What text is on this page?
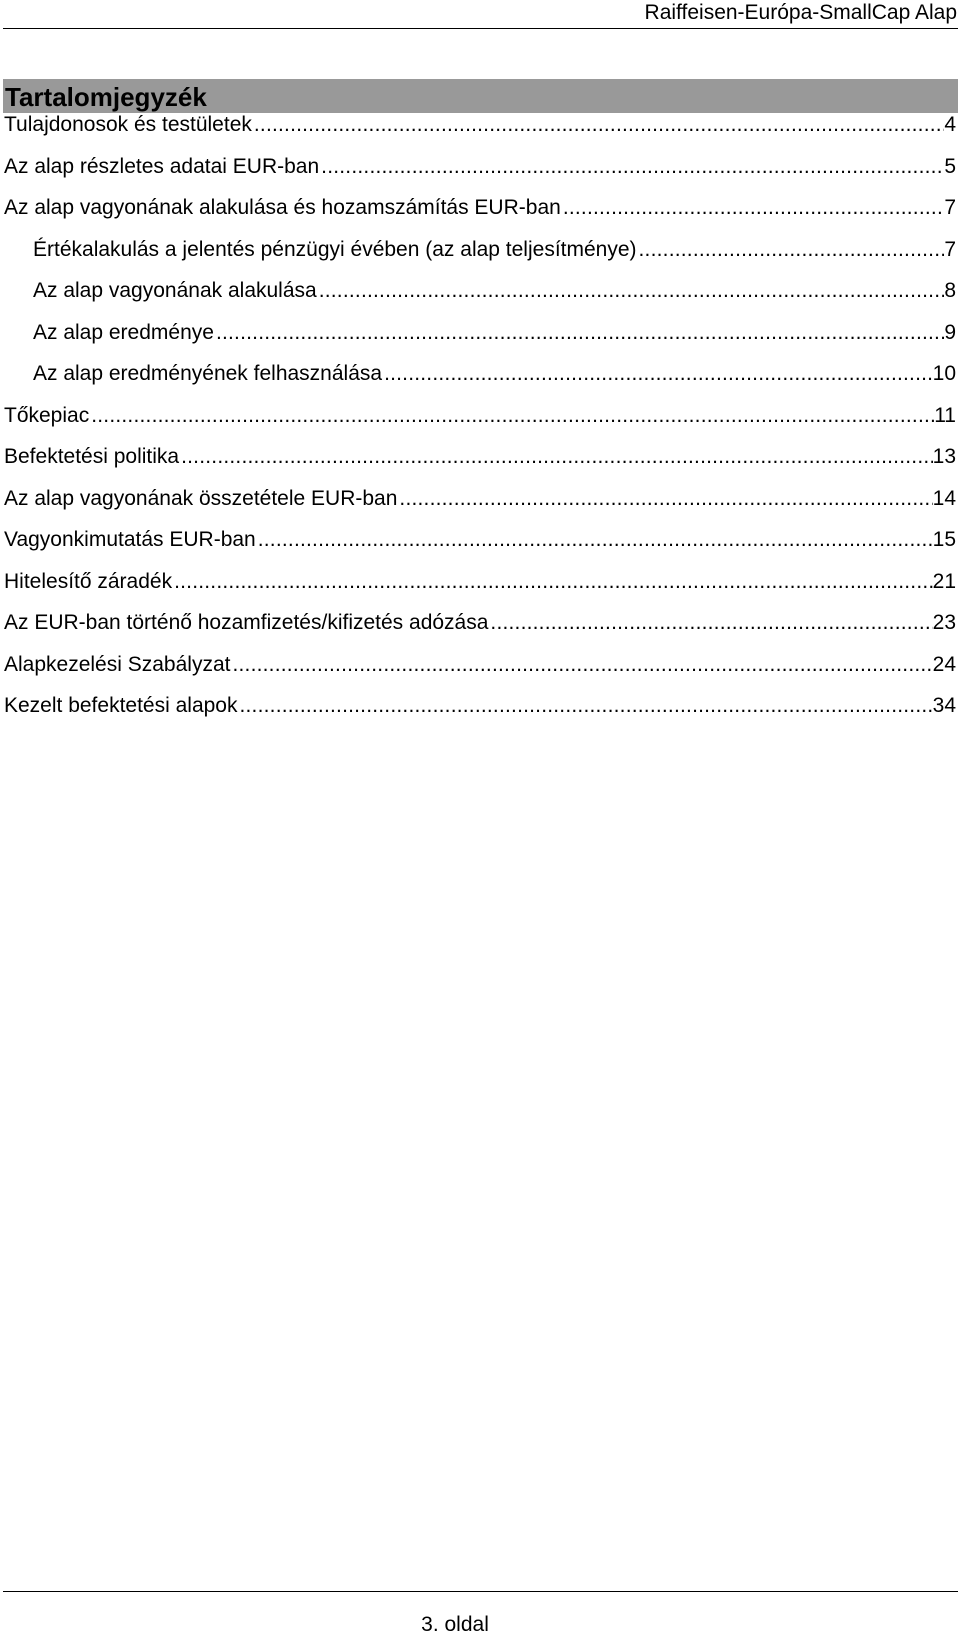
Raiffeisen-Európa-SmallCap Alap
Tartalomjegyzék
Tulajdonosok és testületek .....	4
Az alap részletes adatai EUR-ban .....	5
Az alap vagyonának alakulása és hozamszámítás EUR-ban .....	7
Értékalakulás a jelentés pénzügyi évében (az alap teljesítménye) .....	7
Az alap vagyonának alakulása .....	8
Az alap eredménye .....	9
Az alap eredményének felhasználása .....	10
Tőkepiac .....	11
Befektetési politika .....	13
Az alap vagyonának összetétele EUR-ban .....	14
Vagyonkimutatás EUR-ban .....	15
Hitelesítő záradék .....	21
Az EUR-ban történő hozamfizetés/kifizetés adózása .....	23
Alapkezelési Szabályzat .....	24
Kezelt befektetési alapok .....	34
3. oldal
